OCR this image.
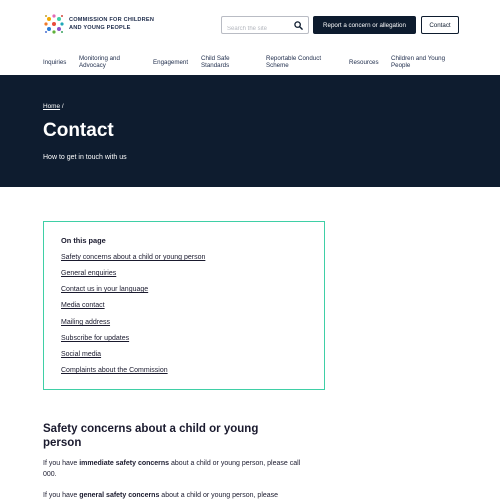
COMMISSION FOR CHILDREN
AND YOUNG PEOPLE
Search the site	Report a concern or allegation	Contact
Inquiries
Monitoring and Advocacy	Engagement
Child Safe Standards
Reportable Conduct Scheme	Resources
Children and Young People
Home /
Contact
How to get in touch with us
On this page
Safety concerns about a child or young person
General enquiries
Contact us in your language
Media contact
Mailing address
Subscribe for updates
Social media
Complaints about the Commission
Safety concerns about a child or young person

If you have immediate safety concerns about a child or young person, please call 000.

If you have general safety concerns about a child or young person, please
